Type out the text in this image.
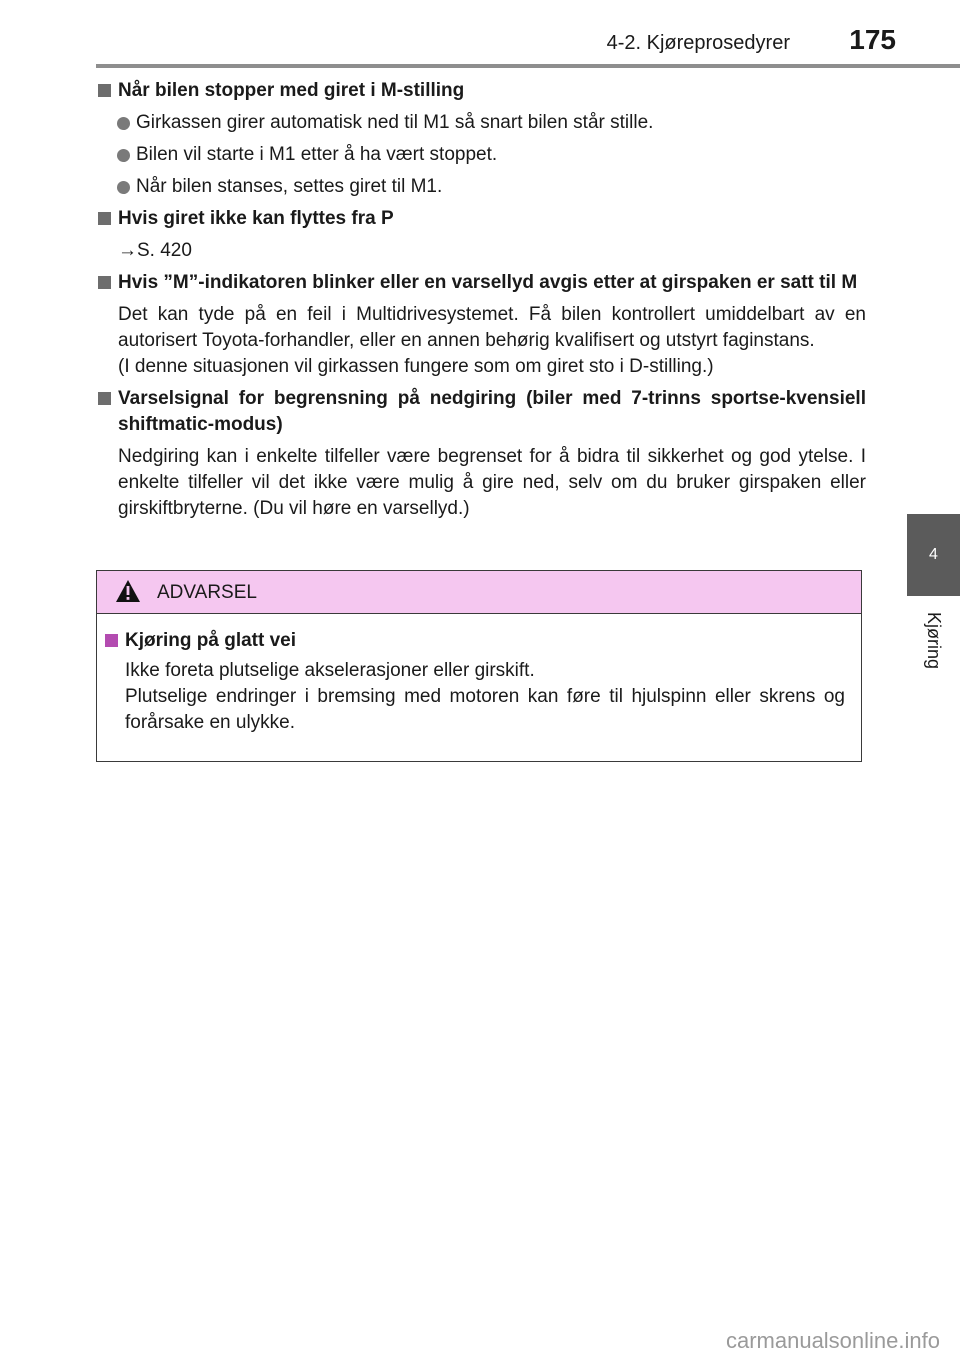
4-2. Kjøreprosedyrer	175
4
Kjøring
Når bilen stopper med giret i M-stilling
Girkassen girer automatisk ned til M1 så snart bilen står stille.
Bilen vil starte i M1 etter å ha vært stoppet.
Når bilen stanses, settes giret til M1.
Hvis giret ikke kan flyttes fra P
→S. 420
Hvis ”M”-indikatoren blinker eller en varsellyd avgis etter at girspaken er satt til M
Det kan tyde på en feil i Multidrivesystemet. Få bilen kontrollert umiddelbart av en autorisert Toyota-forhandler, eller en annen behørig kvalifisert og utstyrt faginstans.
(I denne situasjonen vil girkassen fungere som om giret sto i D-stilling.)
Varselsignal for begrensning på nedgiring (biler med 7-trinns sportse-kvensiell shiftmatic-modus)
Nedgiring kan i enkelte tilfeller være begrenset for å bidra til sikkerhet og god ytelse. I enkelte tilfeller vil det ikke være mulig å gire ned, selv om du bruker girspaken eller girskiftbryterne. (Du vil høre en varsellyd.)
ADVARSEL
Kjøring på glatt vei
Ikke foreta plutselige akselerasjoner eller girskift.
Plutselige endringer i bremsing med motoren kan føre til hjulspinn eller skrens og forårsake en ulykke.
carmanualsonline.info
